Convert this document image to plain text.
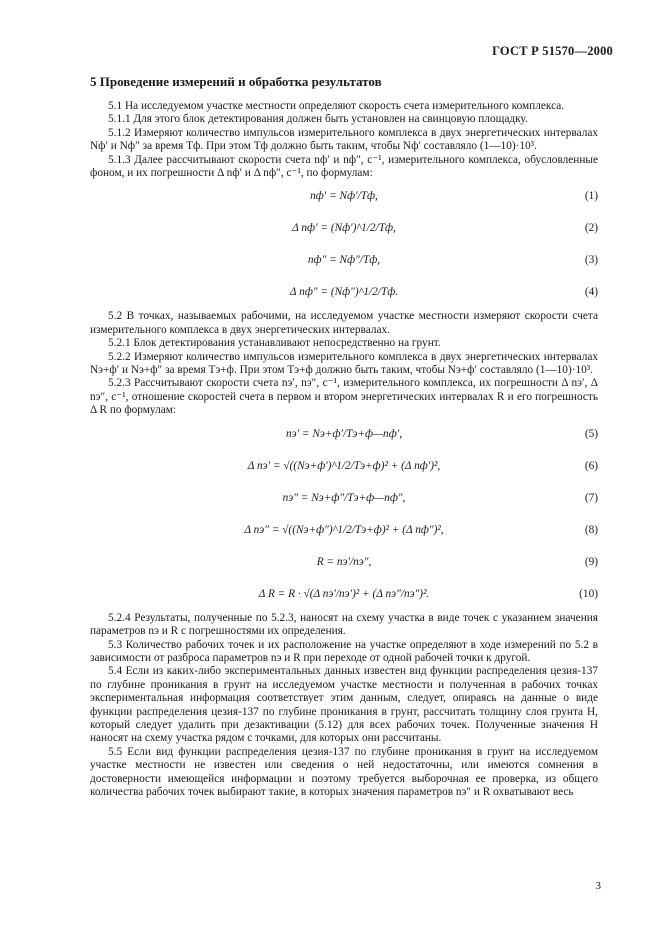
ГОСТ Р 51570—2000
5 Проведение измерений и обработка результатов

5.1 На исследуемом участке местности определяют скорость счета измерительного комплекса.

5.1.1 Для этого блок детектирования должен быть установлен на свинцовую площадку.

5.1.2 Измеряют количество импульсов измерительного комплекса в двух энергетических интервалах Nф′ и Nф″ за время Tф. При этом Tф должно быть таким, чтобы Nф′ составляло (1—10)·10³.

5.1.3 Далее рассчитывают скорости счета nф′ и nф″, с⁻¹, измерительного комплекса, обусловленные фоном, и их погрешности Δ nф′ и Δ nф″, с⁻¹, по формулам:

nф′ = Nф′/Tф,	(1)
Δ nф′ = (Nф′)^1/2/Tф,	(2)
nф″ = Nф″/Tф,	(3)
Δ nф″ = (Nф″)^1/2/Tф.	(4)

5.2 В точках, называемых рабочими, на исследуемом участке местности измеряют скорости счета измерительного комплекса в двух энергетических интервалах.

5.2.1 Блок детектирования устанавливают непосредственно на грунт.

5.2.2 Измеряют количество импульсов измерительного комплекса в двух энергетических интервалах Nэ+ф′ и Nэ+ф″ за время Tэ+ф. При этом Tэ+ф должно быть таким, чтобы Nэ+ф′ составляло (1—10)·10³.

5.2.3 Рассчитывают скорости счета nэ′, nэ″, с⁻¹, измерительного комплекса, их погрешности Δ nэ′, Δ nэ″, с⁻¹, отношение скоростей счета в первом и втором энергетических интервалах R и его погрешность Δ R по формулам:

nэ′ = Nэ+ф′/Tэ+ф—nф′,	(5)
Δ nэ′ = √((Nэ+ф′)^1/2/Tэ+ф)² + (Δ nф′)²,	(6)
nэ″ = Nэ+ф″/Tэ+ф—nф″,	(7)
Δ nэ″ = √((Nэ+ф″)^1/2/Tэ+ф)² + (Δ nф″)²,	(8)
R = nэ′/nэ″,	(9)
Δ R = R · √(Δ nэ′/nэ′)² + (Δ nэ″/nэ″)².	(10)

5.2.4 Результаты, полученные по 5.2.3, наносят на схему участка в виде точек с указанием значения параметров nэ и R с погрешностями их определения.

5.3 Количество рабочих точек и их расположение на участке определяют в ходе измерений по 5.2 в зависимости от разброса параметров nэ и R при переходе от одной рабочей точки к другой.

5.4 Если из каких-либо экспериментальных данных известен вид функции распределения цезия-137 по глубине проникания в грунт на исследуемом участке местности и полученная в рабочих точках экспериментальная информация соответствует этим данным, следует, опираясь на данные о виде функции распределения цезия-137 по глубине проникания в грунт, рассчитать толщину слоя грунта H, который следует удалить при дезактивации (5.12) для всех рабочих точек. Полученные значения H наносят на схему участка рядом с точками, для которых они рассчитаны.

5.5 Если вид функции распределения цезия-137 по глубине проникания в грунт на исследуемом участке местности не известен или сведения о ней недостаточны, или имеются сомнения в достоверности имеющейся информации и поэтому требуется выборочная ее проверка, из общего количества рабочих точек выбирают такие, в которых значения параметров nэ″ и R охватывают весь

3
